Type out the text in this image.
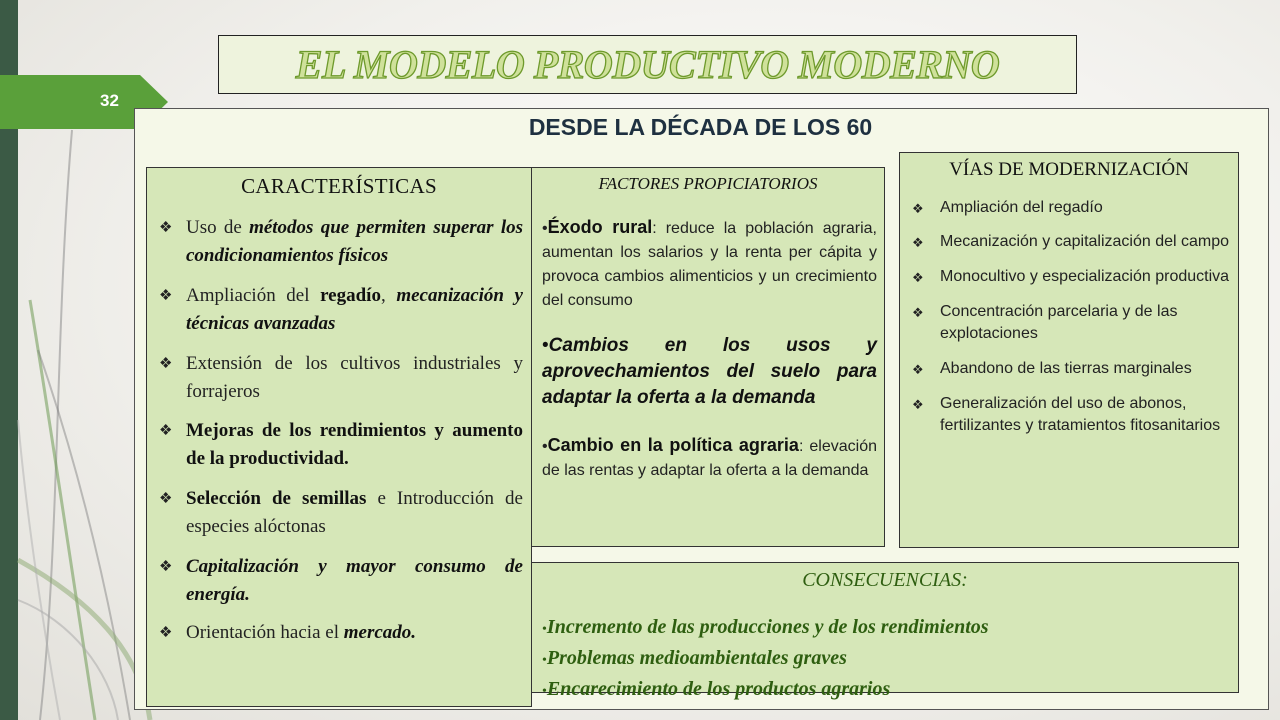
32
EL MODELO PRODUCTIVO MODERNO
DESDE LA DÉCADA DE LOS 60
CARACTERÍSTICAS
❖ Uso de métodos que permiten superar los condicionamientos físicos
❖ Ampliación del regadío, mecanización y técnicas avanzadas
❖ Extensión de los cultivos industriales y forrajeros
❖ Mejoras de los rendimientos y aumento de la productividad.
❖ Selección de semillas e Introducción de especies alóctonas
❖ Capitalización y mayor consumo de energía.
❖ Orientación hacia el mercado.
FACTORES PROPICIATORIOS
•Éxodo rural: reduce la población agraria, aumentan los salarios y la renta per cápita y provoca cambios alimenticios y un crecimiento del consumo
•Cambios en los usos y aprovechamientos del suelo para adaptar la oferta a la demanda
•Cambio en la política agraria: elevación de las rentas y adaptar la oferta a la demanda
VÍAS DE MODERNIZACIÓN
❖ Ampliación del regadío
❖ Mecanización y capitalización del campo
❖ Monocultivo y especialización productiva
❖ Concentración parcelaria y de las explotaciones
❖ Abandono de las tierras marginales
❖ Generalización del uso de abonos, fertilizantes y tratamientos fitosanitarios
CONSECUENCIAS:
•Incremento de las producciones y de los rendimientos
•Problemas medioambientales graves
•Encarecimiento de los productos agrarios
